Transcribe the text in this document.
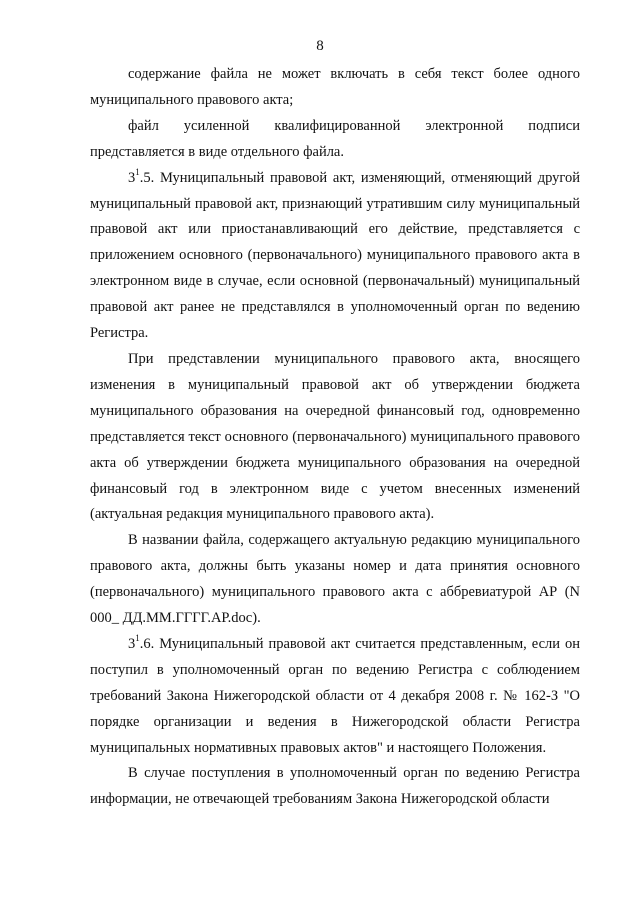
8

содержание файла не может включать в себя текст более одного муниципального правового акта;

файл усиленной квалифицированной электронной подписи представляется в виде отдельного файла.

$3^1.5$. Муниципальный правовой акт, изменяющий, отменяющий другой муниципальный правовой акт, признающий утратившим силу муниципальный правовой акт или приостанавливающий его действие, представляется с приложением основного (первоначального) муниципального правового акта в электронном виде в случае, если основной (первоначальный) муниципальный правовой акт ранее не представлялся в уполномоченный орган по ведению Регистра.

При представлении муниципального правового акта, вносящего изменения в муниципальный правовой акт об утверждении бюджета муниципального образования на очередной финансовый год, одновременно представляется текст основного (первоначального) муниципального правового акта об утверждении бюджета муниципального образования на очередной финансовый год в электронном виде с учетом внесенных изменений (актуальная редакция муниципального правового акта).

В названии файла, содержащего актуальную редакцию муниципального правового акта, должны быть указаны номер и дата принятия основного (первоначального) муниципального правового акта с аббревиатурой АР (N 000_ ДД.ММ.ГГГГ.АР.doc).

$3^1.6$. Муниципальный правовой акт считается представленным, если он поступил в уполномоченный орган по ведению Регистра с соблюдением требований Закона Нижегородской области от 4 декабря 2008 г. № 162-З "О порядке организации и ведения в Нижегородской области Регистра муниципальных нормативных правовых актов" и настоящего Положения.

В случае поступления в уполномоченный орган по ведению Регистра информации, не отвечающей требованиям Закона Нижегородской области
